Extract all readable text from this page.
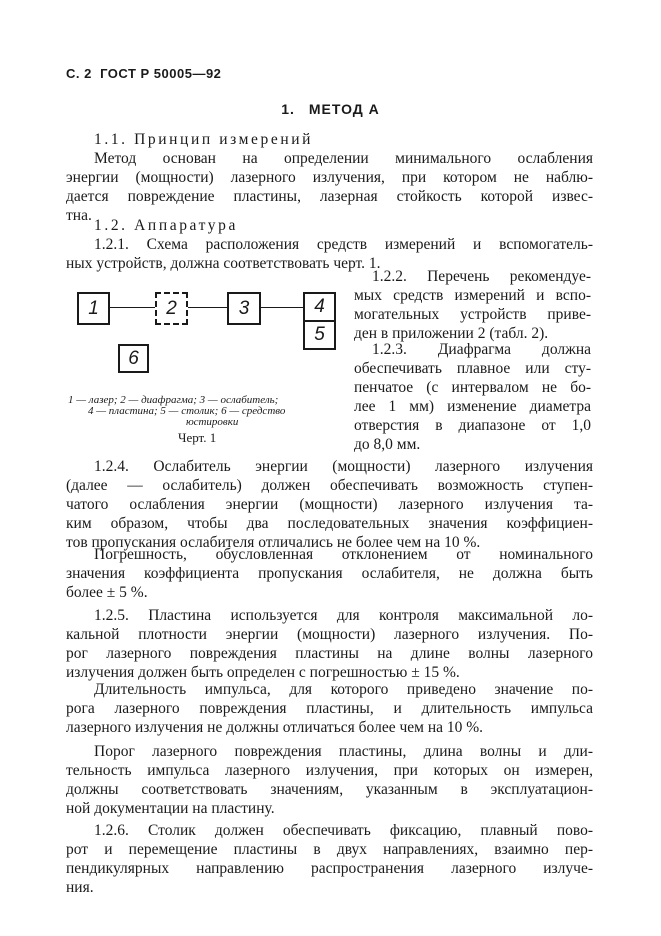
С. 2 ГОСТ Р 50005—92
1. МЕТОД А
1.1. Принцип измерений
Метод основан на определении минимального ослабления
энергии (мощности) лазерного излучения, при котором не наблю-
дается повреждение пластины, лазерная стойкость которой извес-
тна.
1.2. Аппаратура
1.2.1. Схема расположения средств измерений и вспомогатель-
ных устройств, должна соответствовать черт. 1.
1	2	3	4
5
6
1 — лазер; 2 — диафрагма; 3 — ослабитель;
4 — пластина; 5 — столик; 6 — средство
юстировки
Черт. 1
1.2.2. Перечень рекомендуе-
мых средств измерений и вспо-
могательных устройств приве-
ден в приложении 2 (табл. 2).
1.2.3. Диафрагма должна
обеспечивать плавное или сту-
пенчатое (с интервалом не бо-
лее 1 мм) изменение диаметра
отверстия в диапазоне от 1,0
до 8,0 мм.
1.2.4. Ослабитель энергии (мощности) лазерного излучения
(далее — ослабитель) должен обеспечивать возможность ступен-
чатого ослабления энергии (мощности) лазерного излучения та-
ким образом, чтобы два последовательных значения коэффициен-
тов пропускания ослабителя отличались не более чем на 10 %.
Погрешность, обусловленная отклонением от номинального
значения коэффициента пропускания ослабителя, не должна быть
более ± 5 %.
1.2.5. Пластина используется для контроля максимальной ло-
кальной плотности энергии (мощности) лазерного излучения. По-
рог лазерного повреждения пластины на длине волны лазерного
излучения должен быть определен с погрешностью ± 15 %.
Длительность импульса, для которого приведено значение по-
рога лазерного повреждения пластины, и длительность импульса
лазерного излучения не должны отличаться более чем на 10 %.
Порог лазерного повреждения пластины, длина волны и дли-
тельность импульса лазерного излучения, при которых он измерен,
должны соответствовать значениям, указанным в эксплуатацион-
ной документации на пластину.
1.2.6. Столик должен обеспечивать фиксацию, плавный пово-
рот и перемещение пластины в двух направлениях, взаимно пер-
пендикулярных направлению распространения лазерного излуче-
ния.
